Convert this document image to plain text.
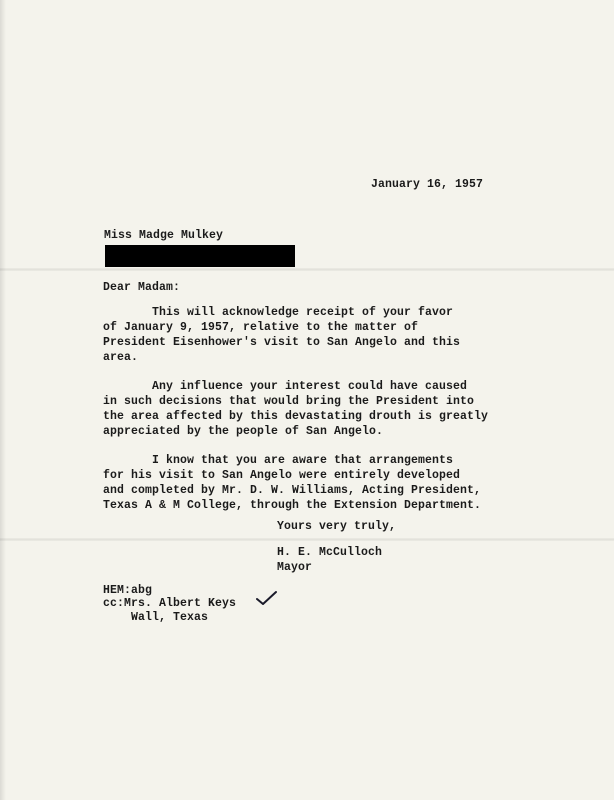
January 16, 1957
Miss Madge Mulkey
Dear Madam:
This will acknowledge receipt of your favor
of January 9, 1957, relative to the matter of
President Eisenhower's visit to San Angelo and this
area.
Any influence your interest could have caused
in such decisions that would bring the President into
the area affected by this devastating drouth is greatly
appreciated by the people of San Angelo.
I know that you are aware that arrangements
for his visit to San Angelo were entirely developed
and completed by Mr. D. W. Williams, Acting President,
Texas A & M College, through the Extension Department.
Yours very truly,
H. E. McCulloch
Mayor
HEM:abg
cc:Mrs. Albert Keys
Wall, Texas
